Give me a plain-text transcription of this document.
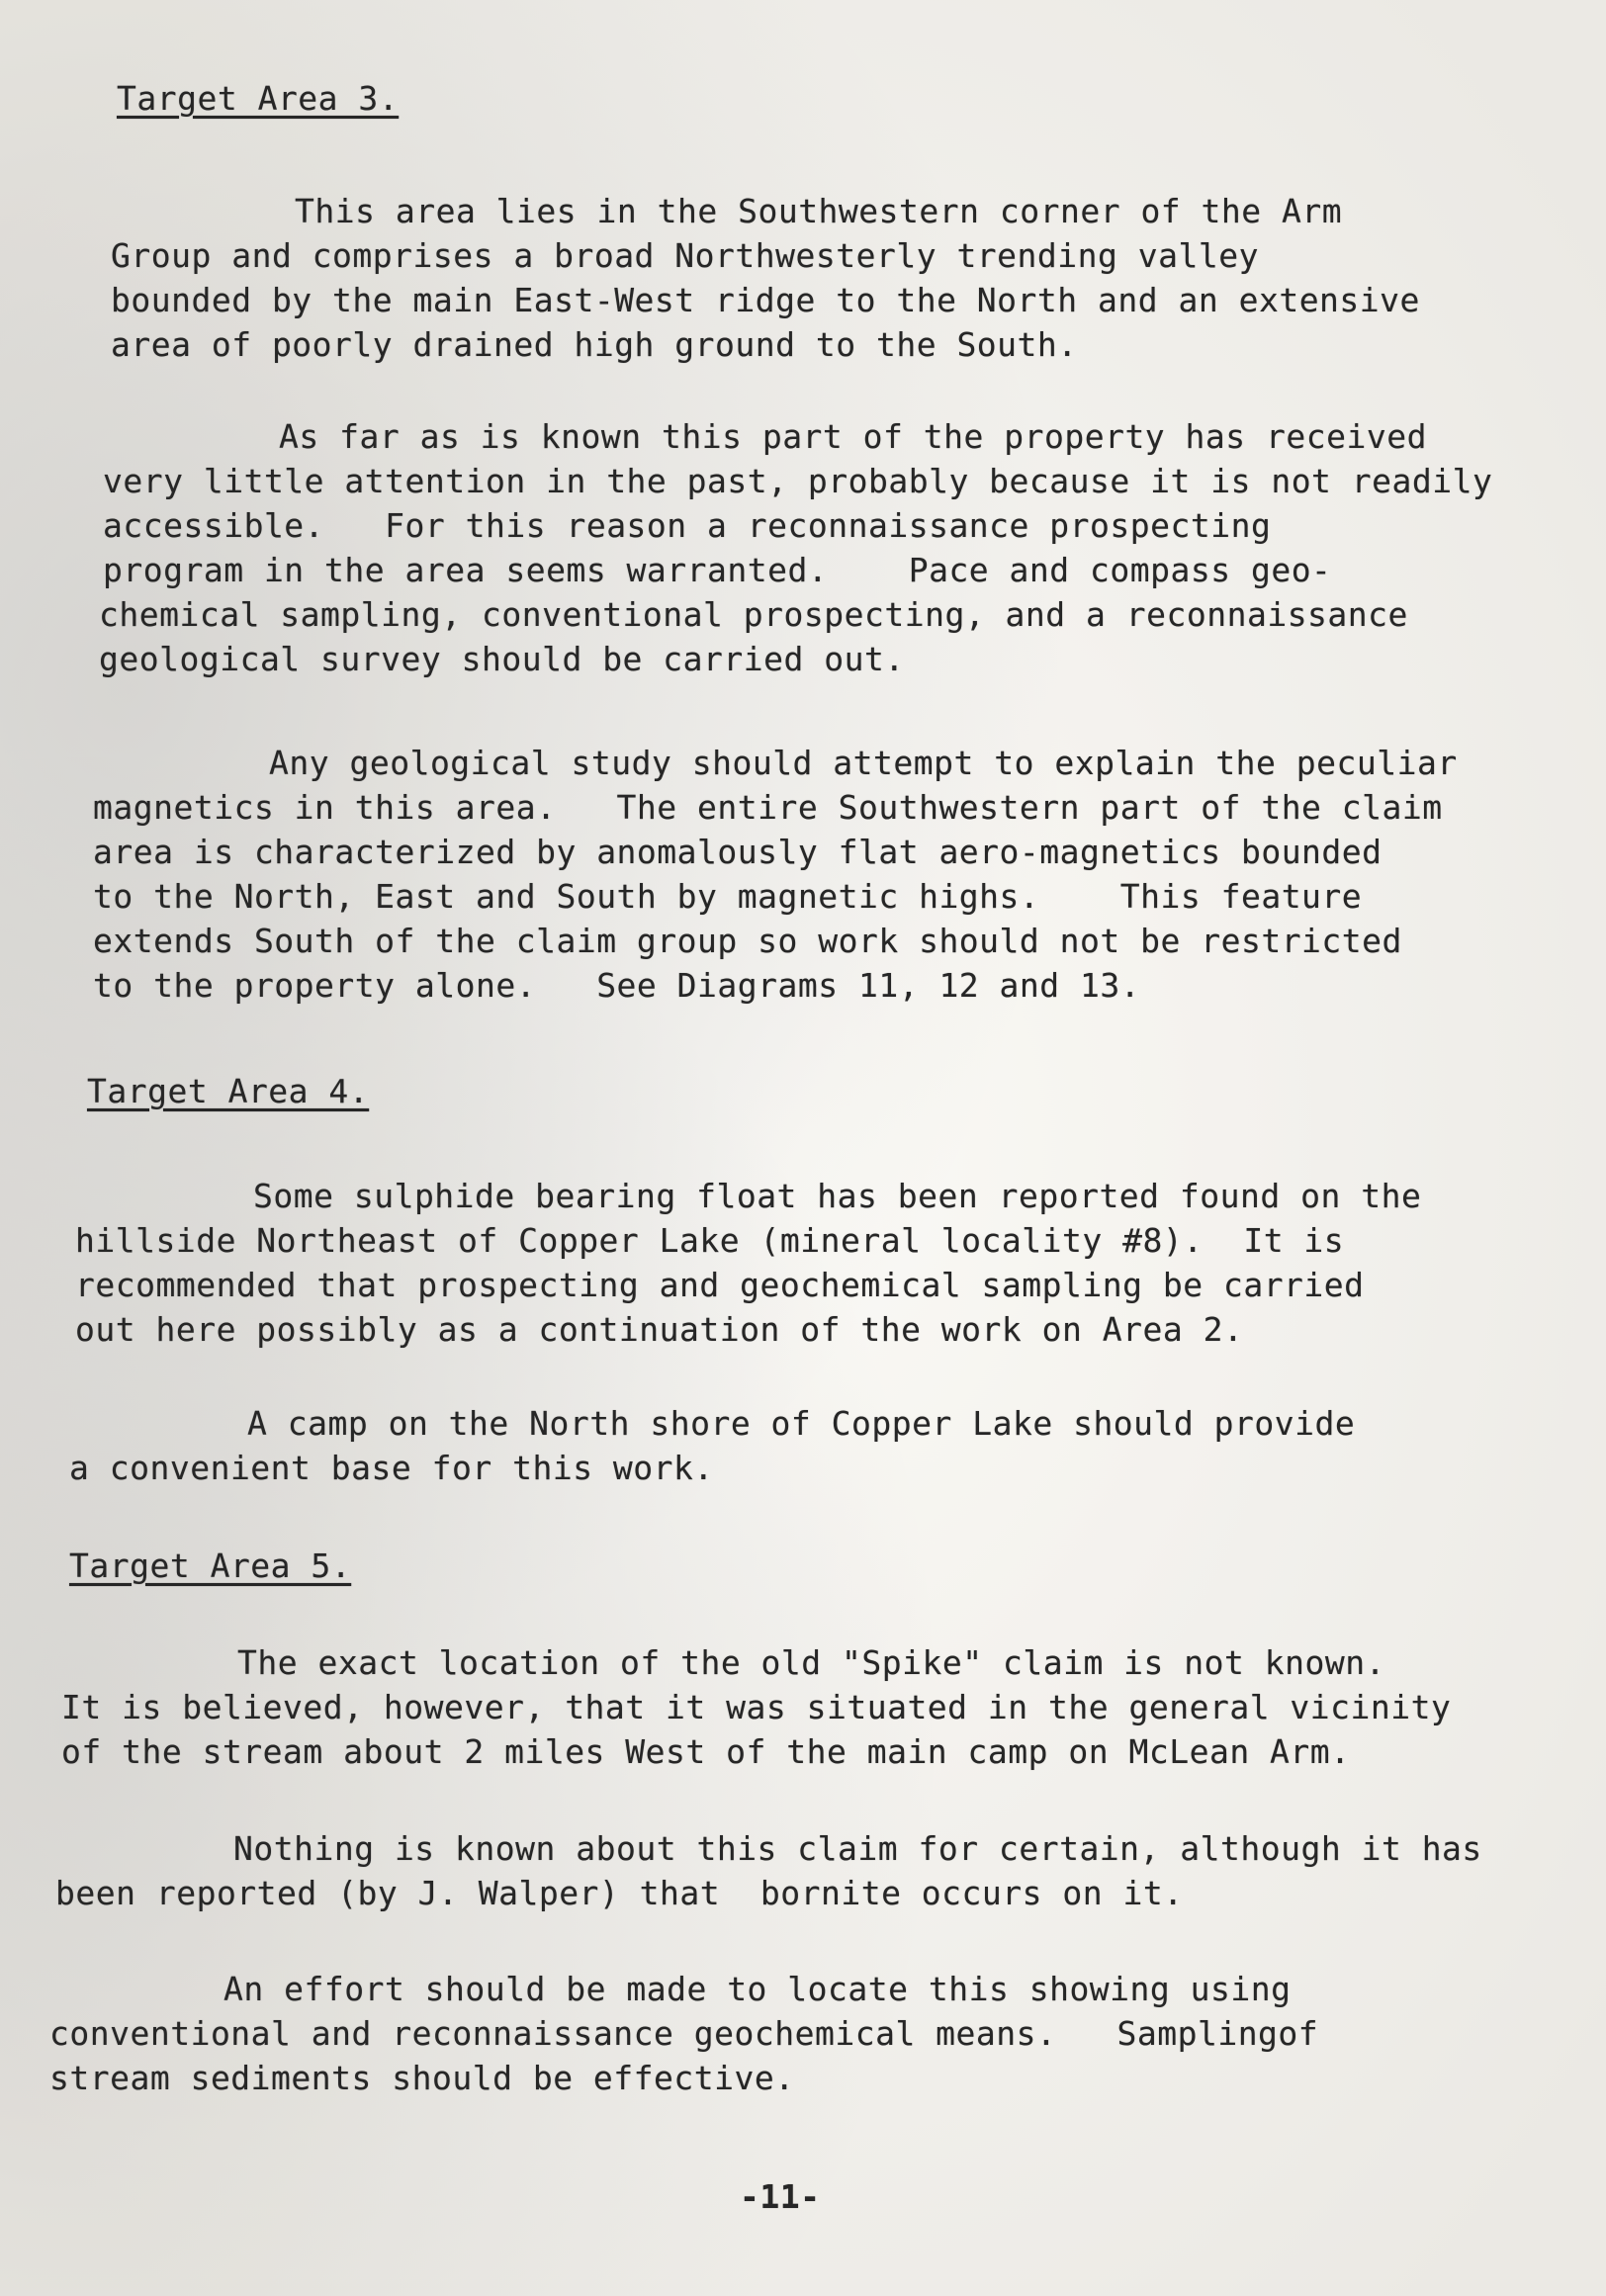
Target Area 3.
This area lies in the Southwestern corner of the Arm
Group and comprises a broad Northwesterly trending valley
bounded by the main East-West ridge to the North and an extensive
area of poorly drained high ground to the South.
As far as is known this part of the property has received
very little attention in the past, probably because it is not readily
accessible.   For this reason a reconnaissance prospecting
program in the area seems warranted.    Pace and compass geo-
chemical sampling, conventional prospecting, and a reconnaissance
geological survey should be carried out.
Any geological study should attempt to explain the peculiar
magnetics in this area.   The entire Southwestern part of the claim
area is characterized by anomalously flat aero-magnetics bounded
to the North, East and South by magnetic highs.    This feature
extends South of the claim group so work should not be restricted
to the property alone.   See Diagrams 11, 12 and 13.
Target Area 4.
Some sulphide bearing float has been reported found on the
hillside Northeast of Copper Lake (mineral locality #8).  It is
recommended that prospecting and geochemical sampling be carried
out here possibly as a continuation of the work on Area 2.
A camp on the North shore of Copper Lake should provide
a convenient base for this work.
Target Area 5.
The exact location of the old "Spike" claim is not known.
It is believed, however, that it was situated in the general vicinity
of the stream about 2 miles West of the main camp on McLean Arm.
Nothing is known about this claim for certain, although it has
been reported (by J. Walper) that  bornite occurs on it.
An effort should be made to locate this showing using
conventional and reconnaissance geochemical means.   Samplingof
stream sediments should be effective.
-11-
